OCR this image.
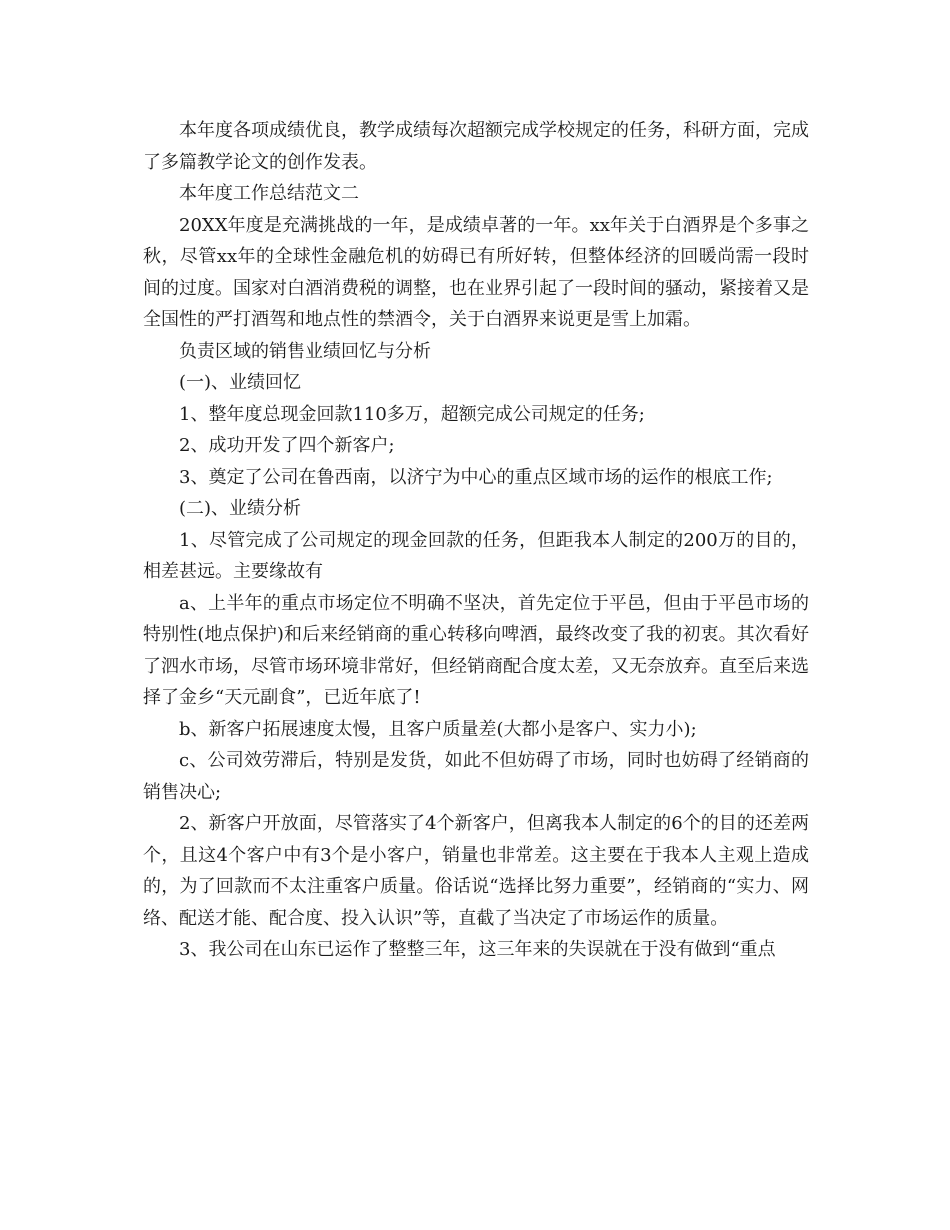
本年度各项成绩优良，教学成绩每次超额完成学校规定的任务，科研方面，完成了多篇教学论文的创作发表。

本年度工作总结范文二

20XX年度是充满挑战的一年，是成绩卓著的一年。xx年关于白酒界是个多事之秋，尽管xx年的全球性金融危机的妨碍已有所好转，但整体经济的回暖尚需一段时间的过度。国家对白酒消费税的调整，也在业界引起了一段时间的骚动，紧接着又是全国性的严打酒驾和地点性的禁酒令，关于白酒界来说更是雪上加霜。

负责区域的销售业绩回忆与分析

(一)、业绩回忆

1、整年度总现金回款110多万，超额完成公司规定的任务;

2、成功开发了四个新客户;

3、奠定了公司在鲁西南，以济宁为中心的重点区域市场的运作的根底工作;

(二)、业绩分析

1、尽管完成了公司规定的现金回款的任务，但距我本人制定的200万的目的，相差甚远。主要缘故有

a、上半年的重点市场定位不明确不坚决，首先定位于平邑，但由于平邑市场的特别性(地点保护)和后来经销商的重心转移向啤酒，最终改变了我的初衷。其次看好了泗水市场，尽管市场环境非常好，但经销商配合度太差，又无奈放弃。直至后来选择了金乡“天元副食”，已近年底了!

b、新客户拓展速度太慢，且客户质量差(大都小是客户、实力小);

c、公司效劳滞后，特别是发货，如此不但妨碍了市场，同时也妨碍了经销商的销售决心;

2、新客户开放面，尽管落实了4个新客户，但离我本人制定的6个的目的还差两个，且这4个客户中有3个是小客户，销量也非常差。这主要在于我本人主观上造成的，为了回款而不太注重客户质量。俗话说“选择比努力重要”，经销商的“实力、网络、配送才能、配合度、投入认识”等，直截了当决定了市场运作的质量。

3、我公司在山东已运作了整整三年，这三年来的失误就在于没有做到“重点
